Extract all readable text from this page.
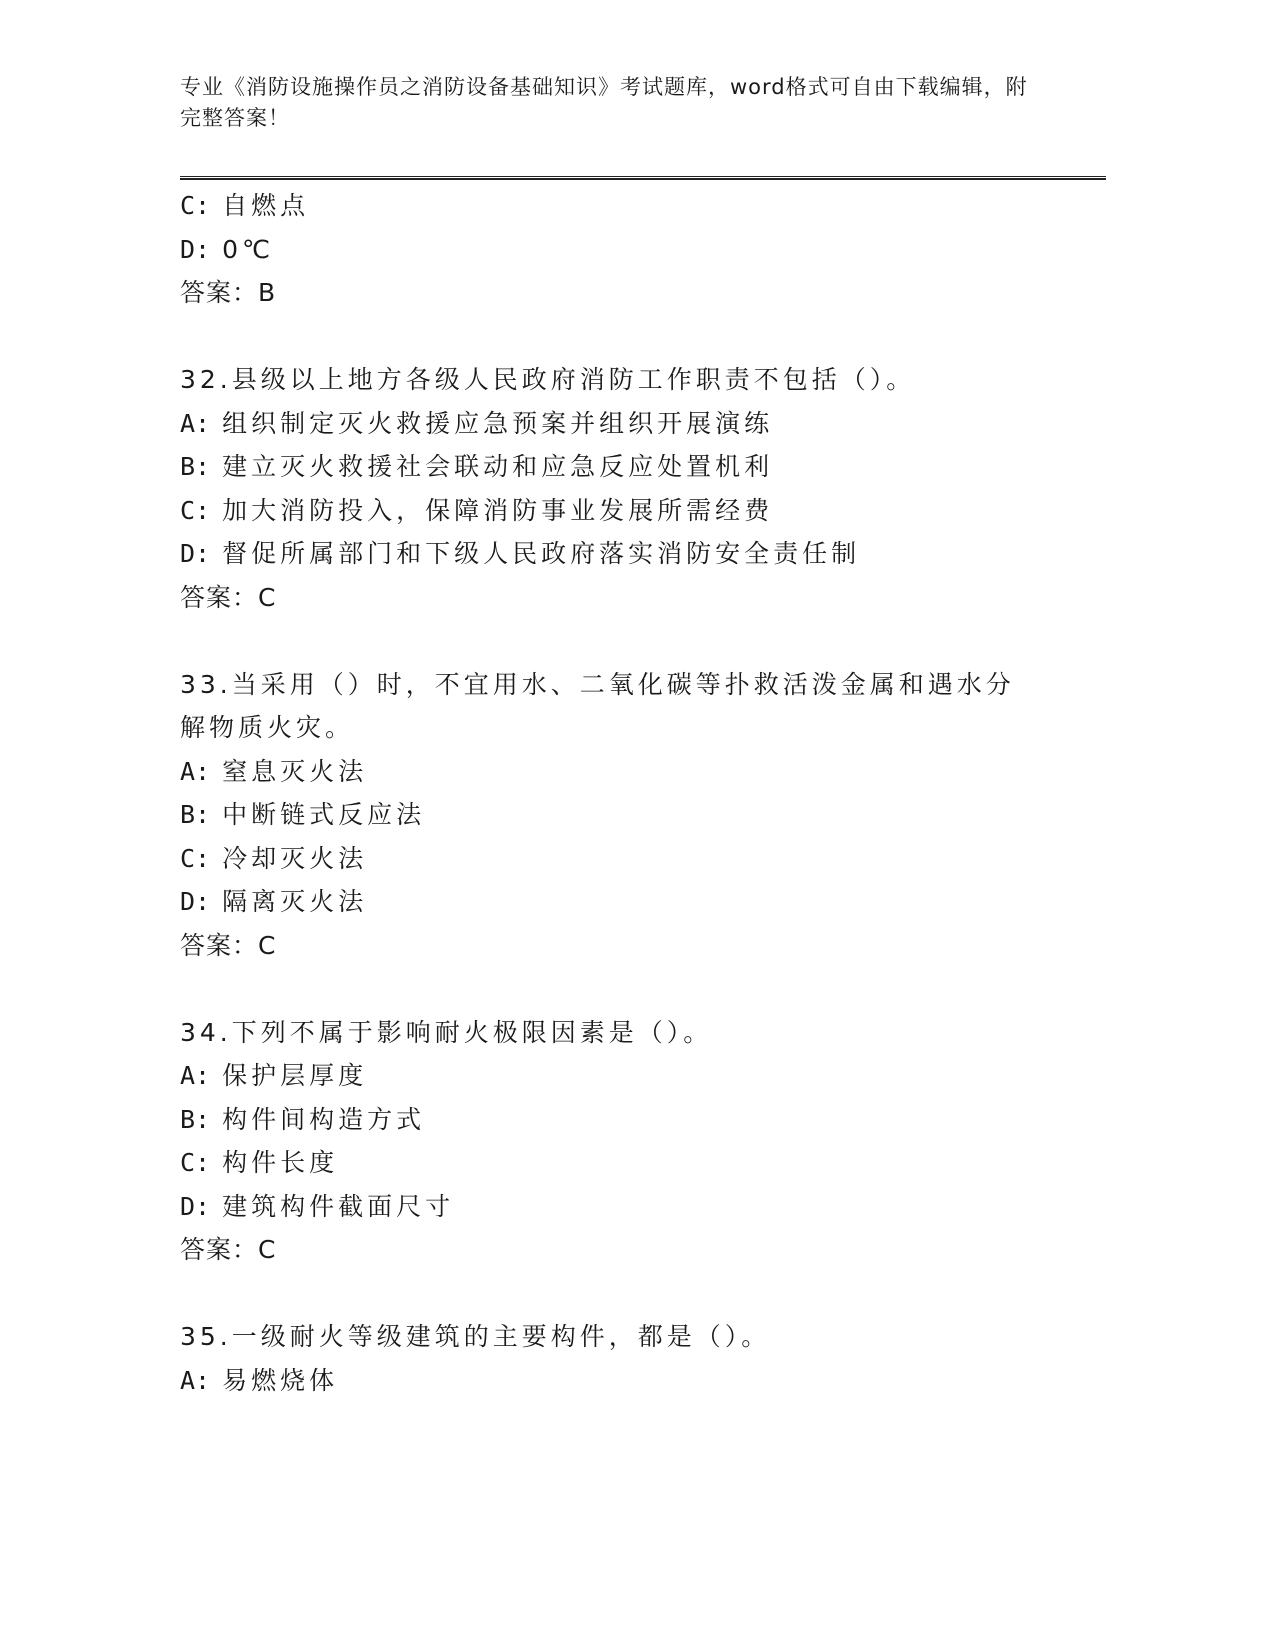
专业《消防设施操作员之消防设备基础知识》考试题库，word格式可自由下载编辑，附完整答案！
C: 自燃点
D: 0℃
答案：B
32.县级以上地方各级人民政府消防工作职责不包括（）。
A: 组织制定灭火救援应急预案并组织开展演练
B: 建立灭火救援社会联动和应急反应处置机利
C: 加大消防投入，保障消防事业发展所需经费
D: 督促所属部门和下级人民政府落实消防安全责任制
答案：C
33.当采用（）时，不宜用水、二氧化碳等扑救活泼金属和遇水分解物质火灾。
A: 窒息灭火法
B: 中断链式反应法
C: 冷却灭火法
D: 隔离灭火法
答案：C
34.下列不属于影响耐火极限因素是（）。
A: 保护层厚度
B: 构件间构造方式
C: 构件长度
D: 建筑构件截面尺寸
答案：C
35.一级耐火等级建筑的主要构件，都是（）。
A: 易燃烧体
